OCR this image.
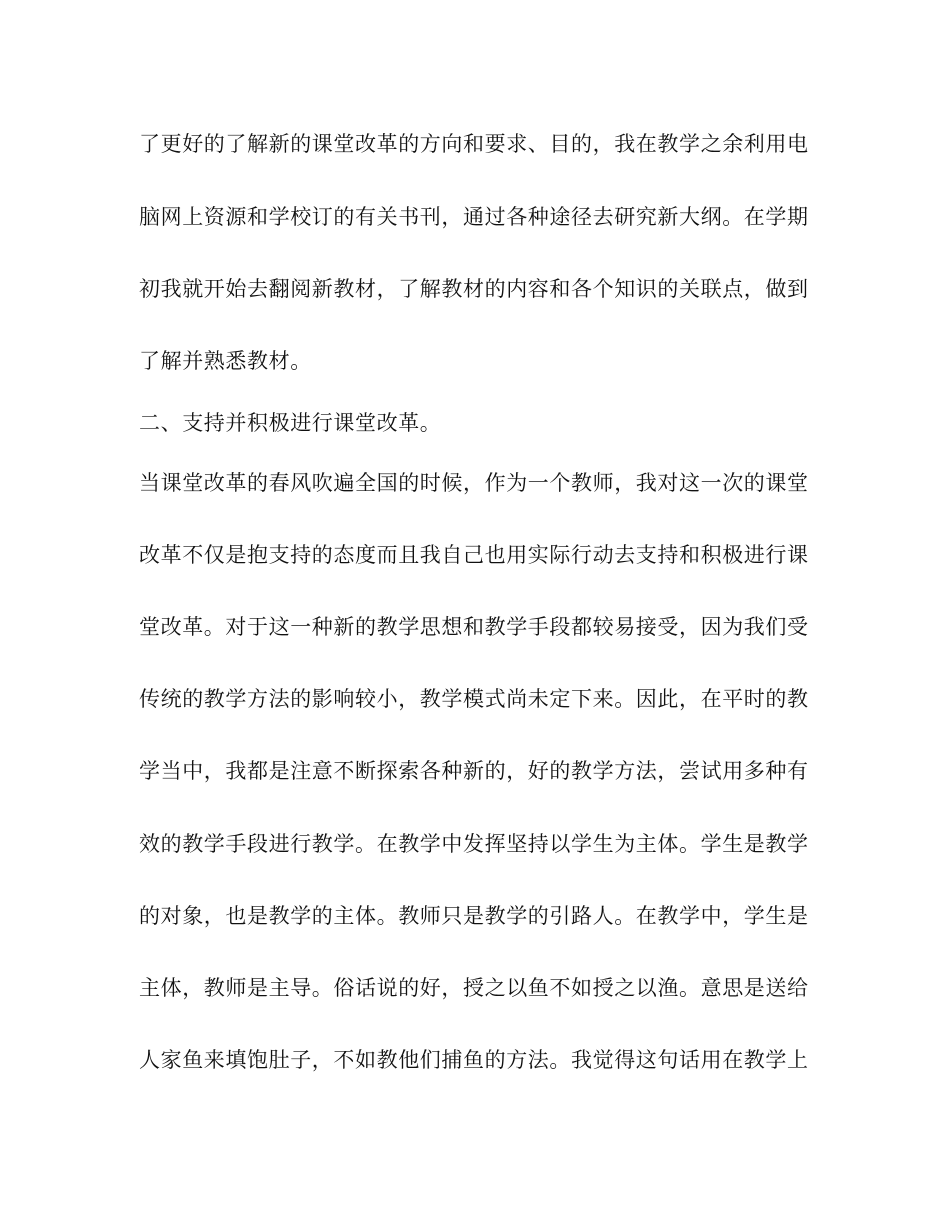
了更好的了解新的课堂改革的方向和要求、目的，我在教学之余利用电
脑网上资源和学校订的有关书刊，通过各种途径去研究新大纲。在学期
初我就开始去翻阅新教材，了解教材的内容和各个知识的关联点，做到
了解并熟悉教材。
二、支持并积极进行课堂改革。
当课堂改革的春风吹遍全国的时候，作为一个教师，我对这一次的课堂
改革不仅是抱支持的态度而且我自己也用实际行动去支持和积极进行课
堂改革。对于这一种新的教学思想和教学手段都较易接受，因为我们受
传统的教学方法的影响较小，教学模式尚未定下来。因此，在平时的教
学当中，我都是注意不断探索各种新的，好的教学方法，尝试用多种有
效的教学手段进行教学。在教学中发挥坚持以学生为主体。学生是教学
的对象，也是教学的主体。教师只是教学的引路人。在教学中，学生是
主体，教师是主导。俗话说的好，授之以鱼不如授之以渔。意思是送给
人家鱼来填饱肚子，不如教他们捕鱼的方法。我觉得这句话用在教学上
